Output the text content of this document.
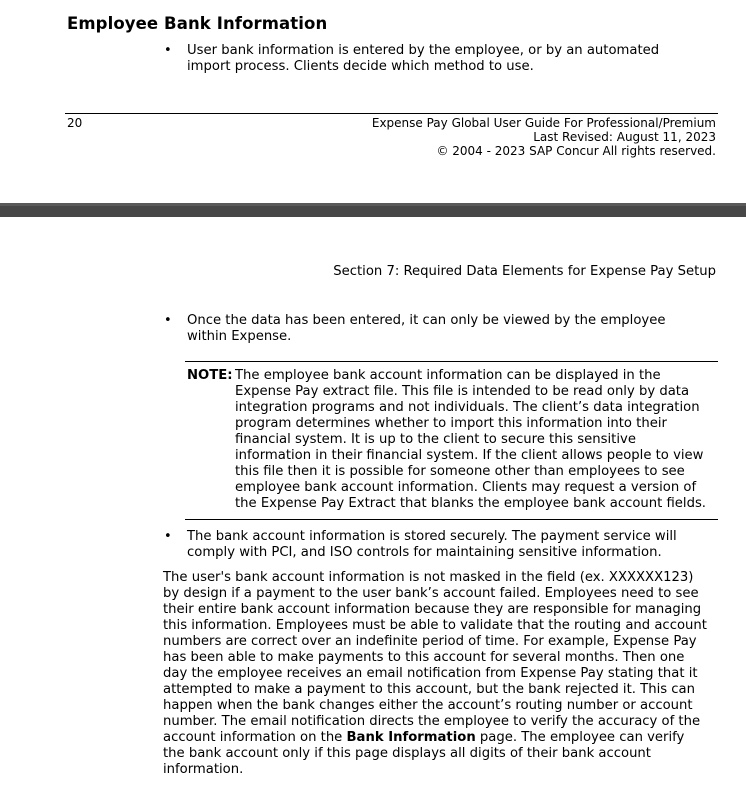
Employee Bank Information
• User bank information is entered by the employee, or by an automated
import process. Clients decide which method to use.
20	Expense Pay Global User Guide For Professional/Premium
Last Revised: August 11, 2023
© 2004 - 2023 SAP Concur All rights reserved.
Section 7: Required Data Elements for Expense Pay Setup
• Once the data has been entered, it can only be viewed by the employee
within Expense.
NOTE: The employee bank account information can be displayed in the
Expense Pay extract file. This file is intended to be read only by data
integration programs and not individuals. The client’s data integration
program determines whether to import this information into their
financial system. It is up to the client to secure this sensitive
information in their financial system. If the client allows people to view
this file then it is possible for someone other than employees to see
employee bank account information. Clients may request a version of
the Expense Pay Extract that blanks the employee bank account fields.
• The bank account information is stored securely. The payment service will
comply with PCI, and ISO controls for maintaining sensitive information.
The user's bank account information is not masked in the field (ex. XXXXXX123)
by design if a payment to the user bank’s account failed. Employees need to see
their entire bank account information because they are responsible for managing
this information. Employees must be able to validate that the routing and account
numbers are correct over an indefinite period of time. For example, Expense Pay
has been able to make payments to this account for several months. Then one
day the employee receives an email notification from Expense Pay stating that it
attempted to make a payment to this account, but the bank rejected it. This can
happen when the bank changes either the account’s routing number or account
number. The email notification directs the employee to verify the accuracy of the
account information on the Bank Information page. The employee can verify
the bank account only if this page displays all digits of their bank account
information.
